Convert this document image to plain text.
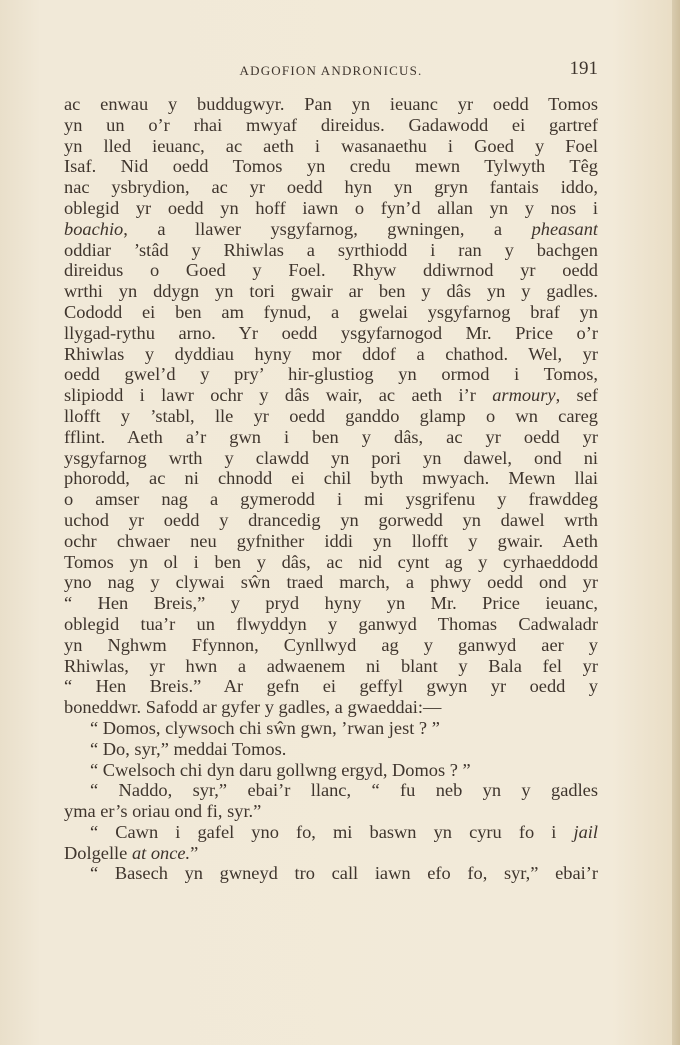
ADGOFION ANDRONICUS.	191
ac enwau y buddugwyr. Pan yn ieuanc yr oedd Tomos
yn un o’r rhai mwyaf direidus. Gadawodd ei gartref
yn lled ieuanc, ac aeth i wasanaethu i Goed y Foel
Isaf. Nid oedd Tomos yn credu mewn Tylwyth Têg
nac ysbrydion, ac yr oedd hyn yn gryn fantais iddo,
oblegid yr oedd yn hoff iawn o fyn’d allan yn y nos i
boachio, a llawer ysgyfarnog, gwningen, a pheasant
oddiar ’stâd y Rhiwlas a syrthiodd i ran y bachgen
direidus o Goed y Foel. Rhyw ddiwrnod yr oedd
wrthi yn ddygn yn tori gwair ar ben y dâs yn y gadles.
Cododd ei ben am fynud, a gwelai ysgyfarnog braf yn
llygad-rythu arno. Yr oedd ysgyfarnogod Mr. Price o’r
Rhiwlas y dyddiau hyny mor ddof a chathod. Wel, yr
oedd gwel’d y pry’ hir-glustiog yn ormod i Tomos,
slipiodd i lawr ochr y dâs wair, ac aeth i’r armoury, sef
llofft y ’stabl, lle yr oedd ganddo glamp o wn careg
fflint. Aeth a’r gwn i ben y dâs, ac yr oedd yr
ysgyfarnog wrth y clawdd yn pori yn dawel, ond ni
phorodd, ac ni chnodd ei chil byth mwyach. Mewn llai
o amser nag a gymerodd i mi ysgrifenu y frawddeg
uchod yr oedd y drancedig yn gorwedd yn dawel wrth
ochr chwaer neu gyfnither iddi yn llofft y gwair. Aeth
Tomos yn ol i ben y dâs, ac nid cynt ag y cyrhaeddodd
yno nag y clywai sŵn traed march, a phwy oedd ond yr
“ Hen Breis,” y pryd hyny yn Mr. Price ieuanc,
oblegid tua’r un flwyddyn y ganwyd Thomas Cadwaladr
yn Nghwm Ffynnon, Cynllwyd ag y ganwyd aer y
Rhiwlas, yr hwn a adwaenem ni blant y Bala fel yr
“ Hen Breis.” Ar gefn ei geffyl gwyn yr oedd y
boneddwr. Safodd ar gyfer y gadles, a gwaeddai:—
“ Domos, clywsoch chi sŵn gwn, ’rwan jest ? ”
“ Do, syr,” meddai Tomos.
“ Cwelsoch chi dyn daru gollwng ergyd, Domos ? ”
“ Naddo, syr,” ebai’r llanc, “ fu neb yn y gadles
yma er’s oriau ond fi, syr.”
“ Cawn i gafel yno fo, mi baswn yn cyru fo i jail
Dolgelle at once.”
“ Basech yn gwneyd tro call iawn efo fo, syr,” ebai’r
